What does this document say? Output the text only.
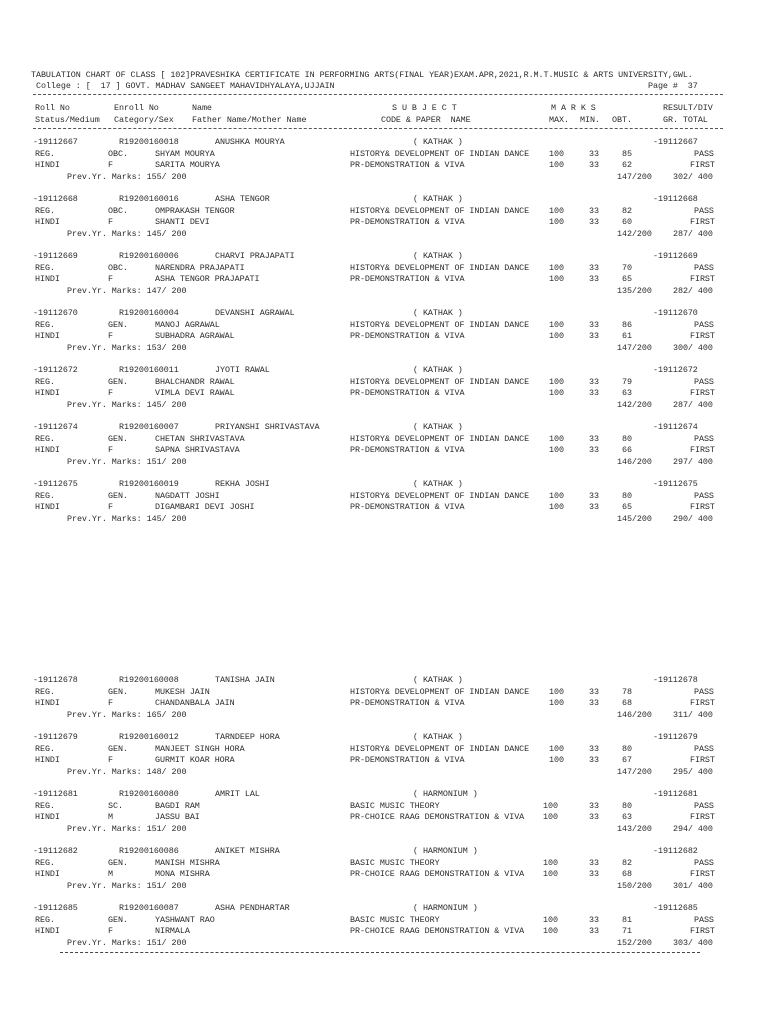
TABULATION CHART OF CLASS [ 102]PRAVESHIKA CERTIFICATE IN PERFORMING ARTS(FINAL YEAR)EXAM.APR,2021,R.M.T.MUSIC & ARTS UNIVERSITY,GWL.
College : [  17 ] GOVT. MADHAV SANGEET MAHAVIDHYALAYA,UJJAIN	Page #  37
Roll No	Enroll No	Name	S U B J E C T	M A R K S	RESULT/DIV
Status/Medium Category/Sex Father Name/Mother Name	CODE & PAPER  NAME	MAX. MIN. OBT.	GR. TOTAL
-19112667	R19200160018	ANUSHKA MOURYA	( KATHAK )	-19112667
REG.	OBC.	SHYAM MOURYA	HISTORY& DEVELOPMENT OF INDIAN DANCE 100	33	85	PASS
HINDI	F	SARITA MOURYA	PR-DEMONSTRATION & VIVA	100	33	62	FIRST
Prev.Yr. Marks: 155/ 200	147/200	302/ 400
-19112668	R19200160016	ASHA TENGOR	( KATHAK )	-19112668
REG.	OBC.	OMPRAKASH TENGOR	HISTORY& DEVELOPMENT OF INDIAN DANCE 100	33	82	PASS
HINDI	F	SHANTI DEVI	PR-DEMONSTRATION & VIVA	100	33	60	FIRST
Prev.Yr. Marks: 145/ 200	142/200	287/ 400
-19112669	R19200160006	CHARVI PRAJAPATI	( KATHAK )	-19112669
REG.	OBC.	NARENDRA PRAJAPATI	HISTORY& DEVELOPMENT OF INDIAN DANCE 100	33	70	PASS
HINDI	F	ASHA TENGOR PRAJAPATI	PR-DEMONSTRATION & VIVA	100	33	65	FIRST
Prev.Yr. Marks: 147/ 200	135/200	282/ 400
-19112670	R19200160004	DEVANSHI AGRAWAL	( KATHAK )	-19112670
REG.	GEN.	MANOJ AGRAWAL	HISTORY& DEVELOPMENT OF INDIAN DANCE 100	33	86	PASS
HINDI	F	SUBHADRA AGRAWAL	PR-DEMONSTRATION & VIVA	100	33	61	FIRST
Prev.Yr. Marks: 153/ 200	147/200	300/ 400
-19112672	R19200160011	JYOTI RAWAL	( KATHAK )	-19112672
REG.	GEN.	BHALCHANDR RAWAL	HISTORY& DEVELOPMENT OF INDIAN DANCE 100	33	79	PASS
HINDI	F	VIMLA DEVI RAWAL	PR-DEMONSTRATION & VIVA	100	33	63	FIRST
Prev.Yr. Marks: 145/ 200	142/200	287/ 400
-19112674	R19200160007	PRIYANSHI SHRIVASTAVA	( KATHAK )	-19112674
REG.	GEN.	CHETAN SHRIVASTAVA	HISTORY& DEVELOPMENT OF INDIAN DANCE 100	33	80	PASS
HINDI	F	SAPNA SHRIVASTAVA	PR-DEMONSTRATION & VIVA	100	33	66	FIRST
Prev.Yr. Marks: 151/ 200	146/200	297/ 400
-19112675	R19200160019	REKHA JOSHI	( KATHAK )	-19112675
REG.	GEN.	NAGDATT JOSHI	HISTORY& DEVELOPMENT OF INDIAN DANCE 100	33	80	PASS
HINDI	F	DIGAMBARI DEVI JOSHI	PR-DEMONSTRATION & VIVA	100	33	65	FIRST
Prev.Yr. Marks: 145/ 200	145/200	290/ 400
-19112678	R19200160008	TANISHA JAIN	( KATHAK )	-19112678
REG.	GEN.	MUKESH JAIN	HISTORY& DEVELOPMENT OF INDIAN DANCE 100	33	78	PASS
HINDI	F	CHANDANBALA JAIN	PR-DEMONSTRATION & VIVA	100	33	68	FIRST
Prev.Yr. Marks: 165/ 200	146/200	311/ 400
-19112679	R19200160012	TARNDEEP HORA	( KATHAK )	-19112679
REG.	GEN.	MANJEET SINGH HORA	HISTORY& DEVELOPMENT OF INDIAN DANCE 100	33	80	PASS
HINDI	F	GURMIT KOAR HORA	PR-DEMONSTRATION & VIVA	100	33	67	FIRST
Prev.Yr. Marks: 148/ 200	147/200	295/ 400
-19112681	R19200160080	AMRIT LAL	( HARMONIUM )	-19112681
REG.	SC.	BAGDI RAM	BASIC MUSIC THEORY	100	33	80	PASS
HINDI	M	JASSU BAI	PR-CHOICE RAAG DEMONSTRATION & VIVA 100	33	63	FIRST
Prev.Yr. Marks: 151/ 200	143/200	294/ 400
-19112682	R19200160086	ANIKET MISHRA	( HARMONIUM )	-19112682
REG.	GEN.	MANISH MISHRA	BASIC MUSIC THEORY	100	33	82	PASS
HINDI	M	MONA MISHRA	PR-CHOICE RAAG DEMONSTRATION & VIVA 100	33	68	FIRST
Prev.Yr. Marks: 151/ 200	150/200	301/ 400
-19112685	R19200160087	ASHA PENDHARTAR	( HARMONIUM )	-19112685
REG.	GEN.	YASHWANT RAO	BASIC MUSIC THEORY	100	33	81	PASS
HINDI	F	NIRMALA	PR-CHOICE RAAG DEMONSTRATION & VIVA 100	33	71	FIRST
Prev.Yr. Marks: 151/ 200	152/200	303/ 400
